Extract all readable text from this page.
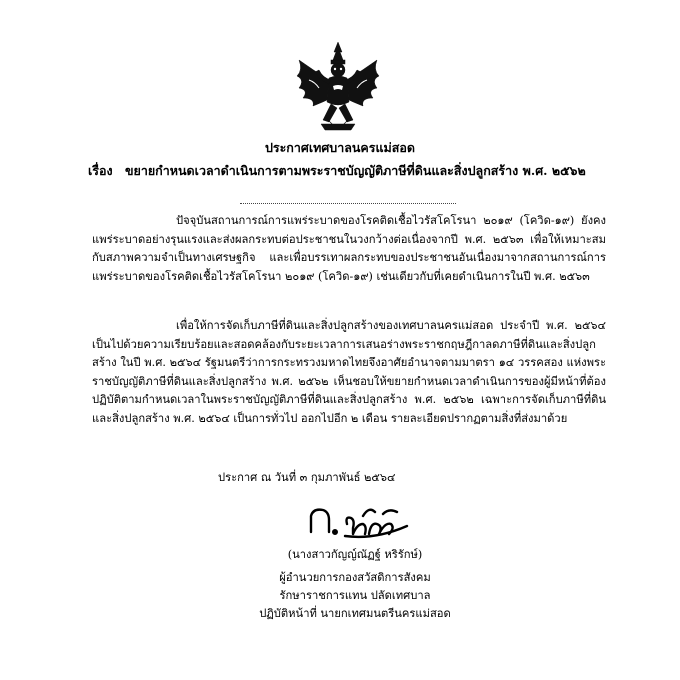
ประกาศเทศบาลนครแม่สอด
เรื่อง ขยายกำหนดเวลาดำเนินการตามพระราชบัญญัติภาษีที่ดินและสิ่งปลูกสร้าง พ.ศ. ๒๕๖๒

ปัจจุบันสถานการณ์การแพร่ระบาดของโรคติดเชื้อไวรัสโคโรนา ๒๐๑๙ (โควิด-๑๙) ยังคงแพร่ระบาดอย่างรุนแรงและส่งผลกระทบต่อประชาชนในวงกว้างต่อเนื่องจากปี พ.ศ. ๒๕๖๓ เพื่อให้เหมาะสมกับสภาพความจำเป็นทางเศรษฐกิจ และเพื่อบรรเทาผลกระทบของประชาชนอันเนื่องมาจากสถานการณ์การแพร่ระบาดของโรคติดเชื้อไวรัสโคโรนา ๒๐๑๙ (โควิด-๑๙) เช่นเดียวกับที่เคยดำเนินการในปี พ.ศ. ๒๕๖๓

เพื่อให้การจัดเก็บภาษีที่ดินและสิ่งปลูกสร้างของเทศบาลนครแม่สอด ประจำปี พ.ศ. ๒๕๖๔ เป็นไปด้วยความเรียบร้อยและสอดคล้องกับระยะเวลาการเสนอร่างพระราชกฤษฎีกาลดภาษีที่ดินและสิ่งปลูกสร้าง ในปี พ.ศ. ๒๕๖๔ รัฐมนตรีว่าการกระทรวงมหาดไทยจึงอาศัยอำนาจตามมาตรา ๑๔ วรรคสอง แห่งพระราชบัญญัติภาษีที่ดินและสิ่งปลูกสร้าง พ.ศ. ๒๕๖๒ เห็นชอบให้ขยายกำหนดเวลาดำเนินการของผู้มีหน้าที่ต้องปฏิบัติตามกำหนดเวลาในพระราชบัญญัติภาษีที่ดินและสิ่งปลูกสร้าง พ.ศ. ๒๕๖๒ เฉพาะการจัดเก็บภาษีที่ดินและสิ่งปลูกสร้าง พ.ศ. ๒๕๖๔ เป็นการทั่วไป ออกไปอีก ๒ เดือน รายละเอียดปรากฏตามสิ่งที่ส่งมาด้วย

ประกาศ ณ วันที่ ๓ กุมภาพันธ์ ๒๕๖๔
(นางสาวกัญญ์ณัฏฐ์ หริรักษ์)
ผู้อำนวยการกองสวัสดิการสังคม
รักษาราชการแทน ปลัดเทศบาล
ปฏิบัติหน้าที่ นายกเทศมนตรีนครแม่สอด
